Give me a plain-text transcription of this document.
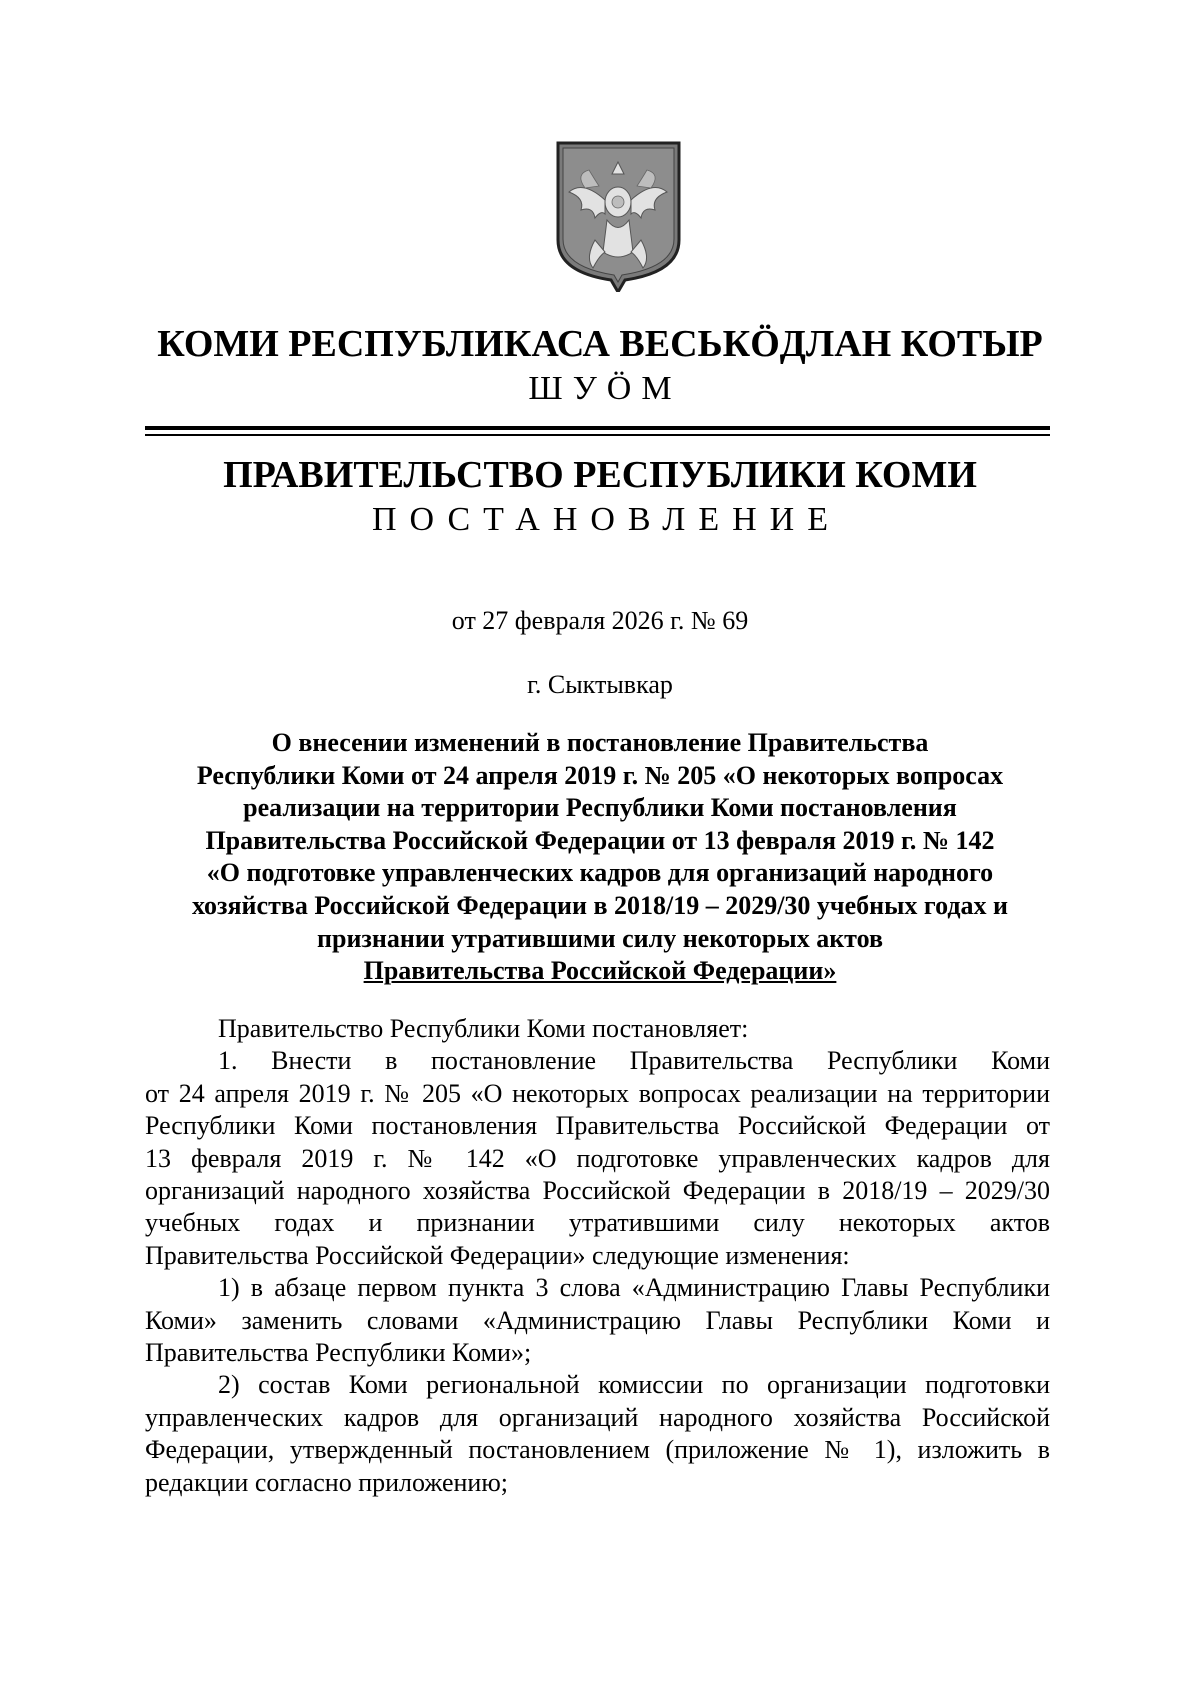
КОМИ РЕСПУБЛИКАСА ВЕСЬКӦДЛАН КОТЫР
ШУӦМ
ПРАВИТЕЛЬСТВО РЕСПУБЛИКИ КОМИ
ПОСТАНОВЛЕНИЕ
от 27 февраля 2026 г. № 69
г. Сыктывкар
О внесении изменений в постановление Правительства
Республики Коми от 24 апреля 2019 г. № 205 «О некоторых вопросах
реализации на территории Республики Коми постановления
Правительства Российской Федерации от 13 февраля 2019 г. № 142
«О подготовке управленческих кадров для организаций народного
хозяйства Российской Федерации в 2018/19 – 2029/30 учебных годах и
признании утратившими силу некоторых актов
Правительства Российской Федерации»
Правительство Республики Коми постановляет:
1. Внести в постановление Правительства Республики Коми
от 24 апреля 2019 г. № 205 «О некоторых вопросах реализации на территории
Республики Коми постановления Правительства Российской Федерации от
13 февраля 2019 г. № 142 «О подготовке управленческих кадров для
организаций народного хозяйства Российской Федерации в 2018/19 – 2029/30
учебных годах и признании утратившими силу некоторых актов
Правительства Российской Федерации» следующие изменения:
1) в абзаце первом пункта 3 слова «Администрацию Главы Республики
Коми» заменить словами «Администрацию Главы Республики Коми и
Правительства Республики Коми»;
2) состав Коми региональной комиссии по организации подготовки
управленческих кадров для организаций народного хозяйства Российской
Федерации, утвержденный постановлением (приложение № 1), изложить в
редакции согласно приложению;
